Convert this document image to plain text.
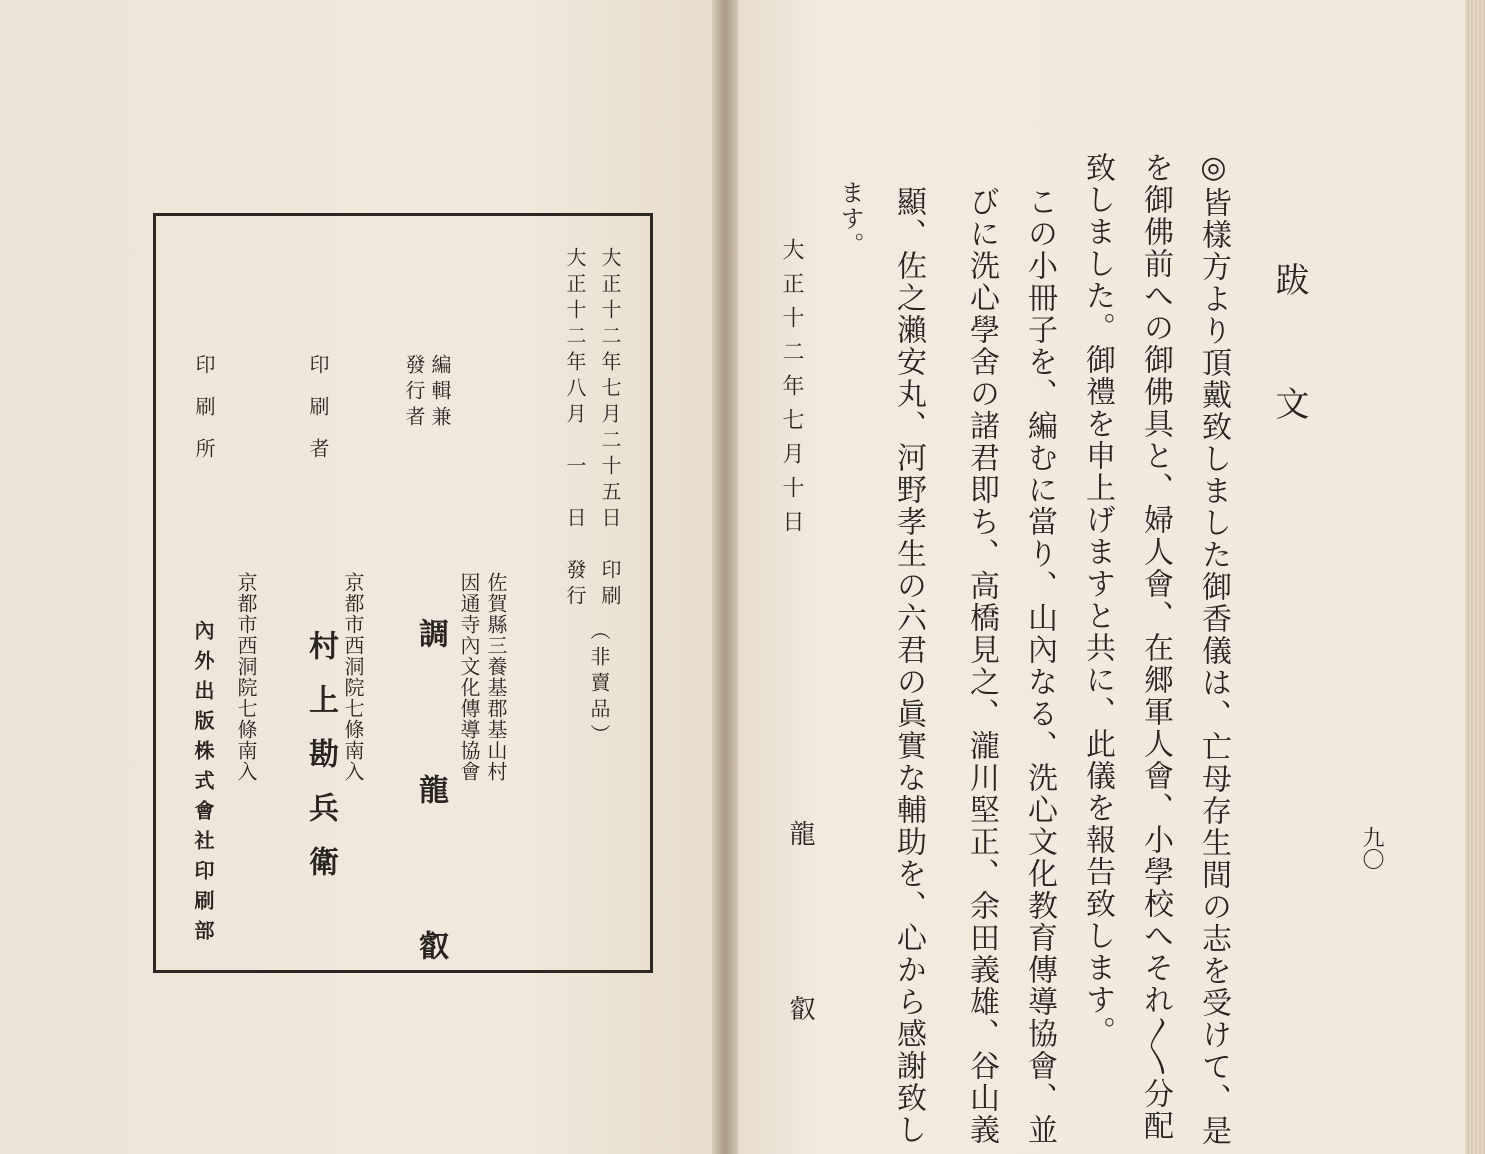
（非賣品）
大正十二年七月二十五日　印刷
大正十二年八月　一　日　發行
編輯兼
發行者
佐賀縣三養基郡基山村
因通寺內文化傳導協會
調　龍　叡
印刷者
京都市西洞院七條南入
村上勘兵衛
印刷所
京都市西洞院七條南入
內外出版株式會社印刷部	九〇
跋文
◎皆樣方より頂戴致しました御香儀は、亡母存生間の志を受けて、是
を御佛前への御佛具と、婦人會、在郷軍人會、小學校へそれ〳〵分配
致しました。御禮を申上げますと共に、此儀を報告致します。
この小冊子を、編むに當り、山內なる、洗心文化教育傳導協會、並
びに洗心學舍の諸君即ち、高橋見之、瀧川堅正、余田義雄、谷山義
顯、佐之瀨安丸、河野孝生の六君の眞實な輔助を、心から感謝致し
ます。
大正十二年七月十日
龍
叡
